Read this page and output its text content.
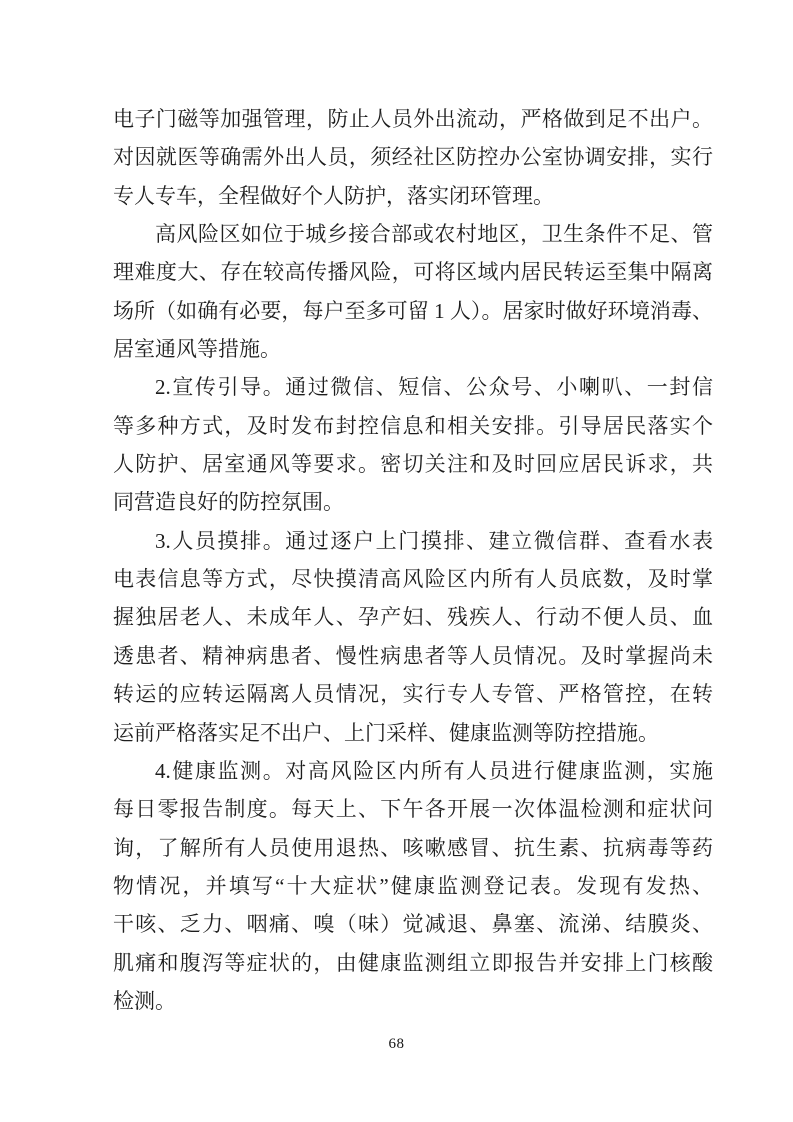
电子门磁等加强管理，防止人员外出流动，严格做到足不出户。
对因就医等确需外出人员，须经社区防控办公室协调安排，实行
专人专车，全程做好个人防护，落实闭环管理。
高风险区如位于城乡接合部或农村地区，卫生条件不足、管
理难度大、存在较高传播风险，可将区域内居民转运至集中隔离
场所（如确有必要，每户至多可留 1 人）。居家时做好环境消毒、
居室通风等措施。
2.宣传引导。通过微信、短信、公众号、小喇叭、一封信
等多种方式，及时发布封控信息和相关安排。引导居民落实个
人防护、居室通风等要求。密切关注和及时回应居民诉求，共
同营造良好的防控氛围。
3.人员摸排。通过逐户上门摸排、建立微信群、查看水表
电表信息等方式，尽快摸清高风险区内所有人员底数，及时掌
握独居老人、未成年人、孕产妇、残疾人、行动不便人员、血
透患者、精神病患者、慢性病患者等人员情况。及时掌握尚未
转运的应转运隔离人员情况，实行专人专管、严格管控，在转
运前严格落实足不出户、上门采样、健康监测等防控措施。
4.健康监测。对高风险区内所有人员进行健康监测，实施
每日零报告制度。每天上、下午各开展一次体温检测和症状问
询，了解所有人员使用退热、咳嗽感冒、抗生素、抗病毒等药
物情况，并填写“十大症状”健康监测登记表。发现有发热、
干咳、乏力、咽痛、嗅（味）觉减退、鼻塞、流涕、结膜炎、
肌痛和腹泻等症状的，由健康监测组立即报告并安排上门核酸
检测。
68
